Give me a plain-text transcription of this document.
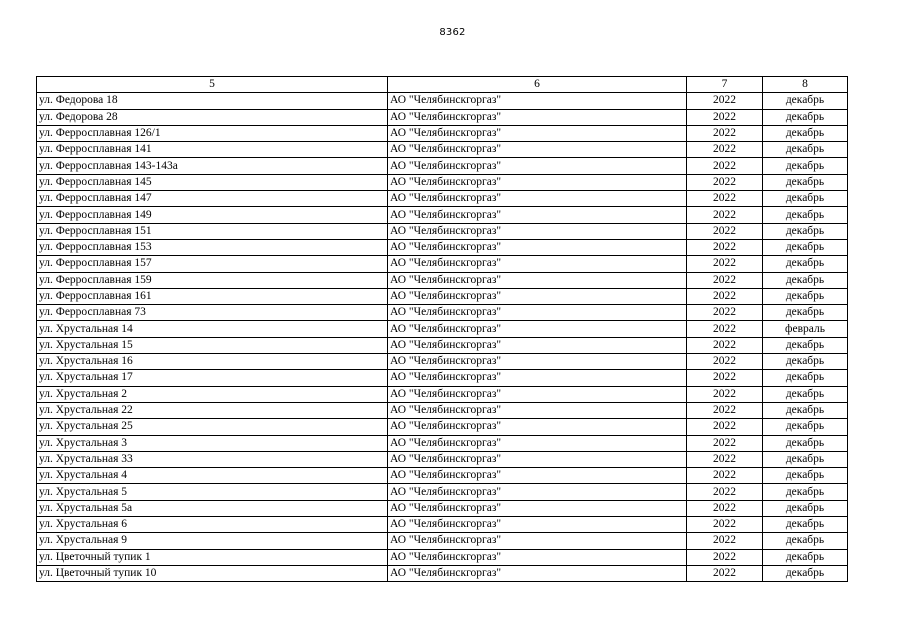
8362
5	6	7	8
ул. Федорова 18	АО "Челябинскгоргаз"	2022	декабрь
ул. Федорова 28	АО "Челябинскгоргаз"	2022	декабрь
ул. Ферросплавная 126/1	АО "Челябинскгоргаз"	2022	декабрь
ул. Ферросплавная 141	АО "Челябинскгоргаз"	2022	декабрь
ул. Ферросплавная 143-143а	АО "Челябинскгоргаз"	2022	декабрь
ул. Ферросплавная 145	АО "Челябинскгоргаз"	2022	декабрь
ул. Ферросплавная 147	АО "Челябинскгоргаз"	2022	декабрь
ул. Ферросплавная 149	АО "Челябинскгоргаз"	2022	декабрь
ул. Ферросплавная 151	АО "Челябинскгоргаз"	2022	декабрь
ул. Ферросплавная 153	АО "Челябинскгоргаз"	2022	декабрь
ул. Ферросплавная 157	АО "Челябинскгоргаз"	2022	декабрь
ул. Ферросплавная 159	АО "Челябинскгоргаз"	2022	декабрь
ул. Ферросплавная 161	АО "Челябинскгоргаз"	2022	декабрь
ул. Ферросплавная 73	АО "Челябинскгоргаз"	2022	декабрь
ул. Хрустальная 14	АО "Челябинскгоргаз"	2022	февраль
ул. Хрустальная 15	АО "Челябинскгоргаз"	2022	декабрь
ул. Хрустальная 16	АО "Челябинскгоргаз"	2022	декабрь
ул. Хрустальная 17	АО "Челябинскгоргаз"	2022	декабрь
ул. Хрустальная 2	АО "Челябинскгоргаз"	2022	декабрь
ул. Хрустальная 22	АО "Челябинскгоргаз"	2022	декабрь
ул. Хрустальная 25	АО "Челябинскгоргаз"	2022	декабрь
ул. Хрустальная 3	АО "Челябинскгоргаз"	2022	декабрь
ул. Хрустальная 33	АО "Челябинскгоргаз"	2022	декабрь
ул. Хрустальная 4	АО "Челябинскгоргаз"	2022	декабрь
ул. Хрустальная 5	АО "Челябинскгоргаз"	2022	декабрь
ул. Хрустальная 5а	АО "Челябинскгоргаз"	2022	декабрь
ул. Хрустальная 6	АО "Челябинскгоргаз"	2022	декабрь
ул. Хрустальная 9	АО "Челябинскгоргаз"	2022	декабрь
ул. Цветочный тупик 1	АО "Челябинскгоргаз"	2022	декабрь
ул. Цветочный тупик 10	АО "Челябинскгоргаз"	2022	декабрь
